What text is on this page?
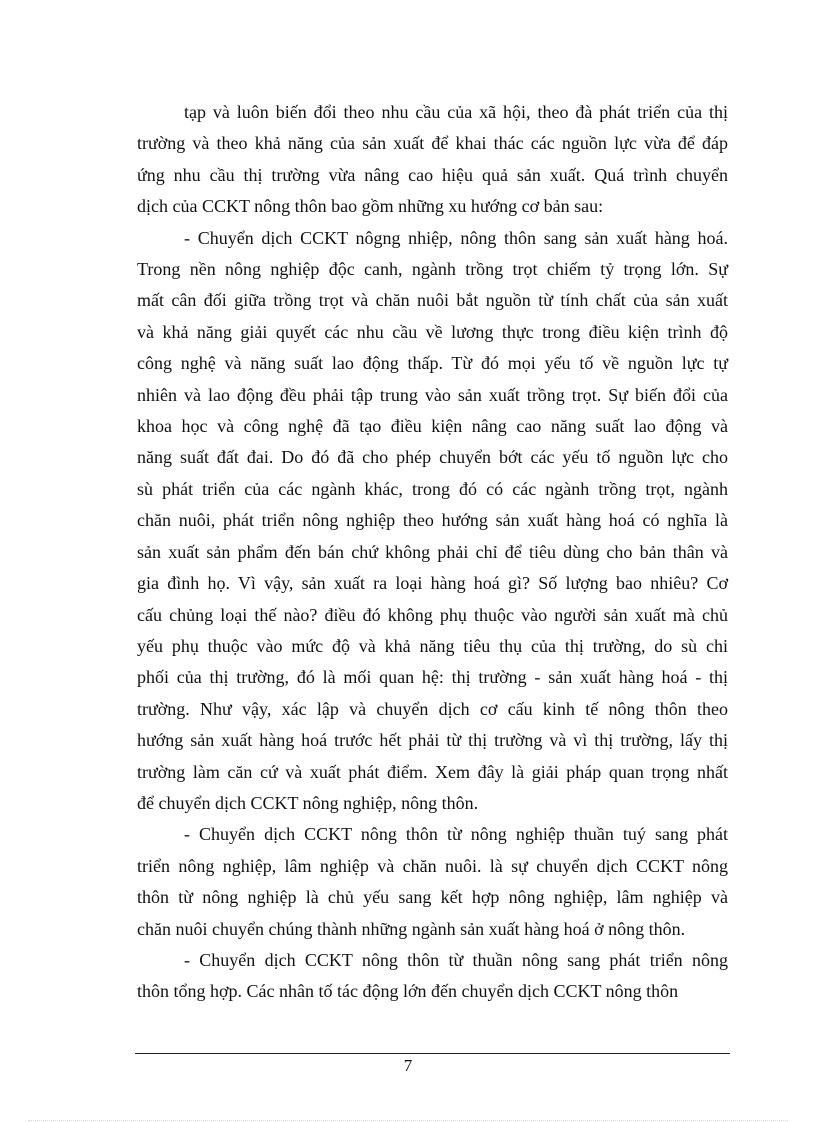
tạp và luôn biến đổi theo nhu cầu của xã hội, theo đà phát triển của thị
trường và theo khả năng của sản xuất để khai thác các nguồn lực vừa để đáp
ứng nhu cầu thị trường vừa nâng cao hiệu quả sản xuất. Quá trình chuyển
dịch của CCKT nông thôn bao gồm những xu hướng cơ bản sau:
- Chuyển dịch CCKT nôgng nhiệp, nông thôn sang sản xuất hàng hoá.
Trong nền nông nghiệp độc canh, ngành trồng trọt chiếm tỷ trọng lớn. Sự
mất cân đối giữa trồng trọt và chăn nuôi bắt nguồn từ tính chất của sản xuất
và khả năng giải quyết các nhu cầu về lương thực trong điều kiện trình độ
công nghệ và năng suất lao động thấp. Từ đó mọi yếu tố về nguồn lực tự
nhiên và lao động đều phải tập trung vào sản xuất trồng trọt. Sự biến đổi của
khoa học và công nghệ đã tạo điều kiện nâng cao năng suất lao động và
năng suất đất đai. Do đó đã cho phép chuyển bớt các yếu tố nguồn lực cho
sù phát triển của các ngành khác, trong đó có các ngành trồng trọt, ngành
chăn nuôi, phát triển nông nghiệp theo hướng sản xuất hàng hoá có nghĩa là
sản xuất sản phẩm đến bán chứ không phải chỉ để tiêu dùng cho bản thân và
gia đình họ. Vì vậy, sản xuất ra loại hàng hoá gì? Số lượng bao nhiêu? Cơ
cấu chủng loại thế nào? điều đó không phụ thuộc vào người sản xuất mà chủ
yếu phụ thuộc vào mức độ và khả năng tiêu thụ của thị trường, do sù chi
phối của thị trường, đó là mối quan hệ: thị trường - sản xuất hàng hoá - thị
trường. Như vậy, xác lập và chuyển dịch cơ cấu kinh tế nông thôn theo
hướng sản xuất hàng hoá trước hết phải từ thị trường và vì thị trường, lấy thị
trường làm căn cứ và xuất phát điểm. Xem đây là giải pháp quan trọng nhất
để chuyển dịch CCKT nông nghiệp, nông thôn.
- Chuyển dịch CCKT nông thôn từ nông nghiệp thuần tuý sang phát
triển nông nghiệp, lâm nghiệp và chăn nuôi. là sự chuyển dịch CCKT nông
thôn từ nông nghiệp là chủ yếu sang kết hợp nông nghiệp, lâm nghiệp và
chăn nuôi chuyển chúng thành những ngành sản xuất hàng hoá ở nông thôn.
- Chuyển dịch CCKT nông thôn từ thuần nông sang phát triển nông
thôn tổng hợp. Các nhân tố tác động lớn đến chuyển dịch CCKT nông thôn
7
